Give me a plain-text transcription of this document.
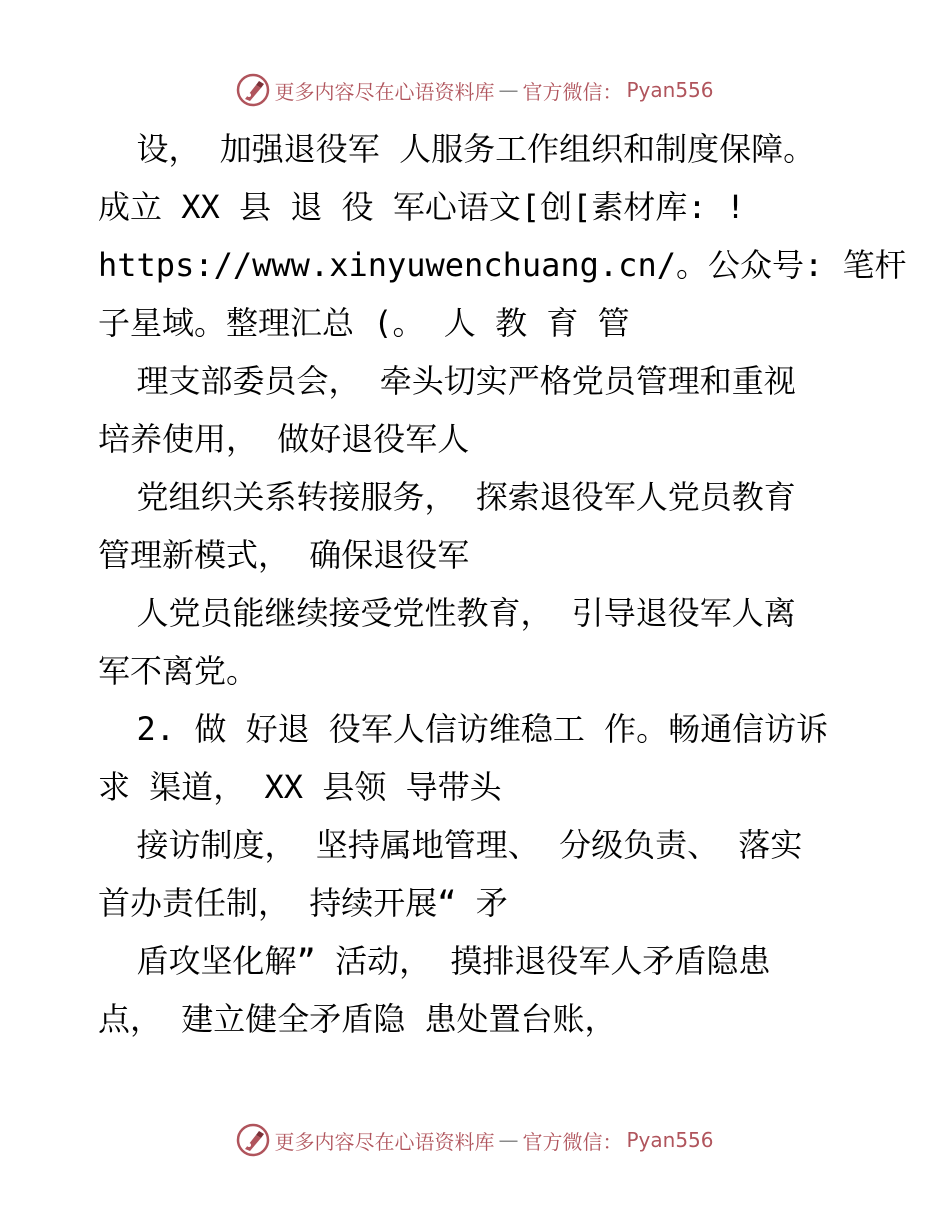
更多内容尽在心语资料库 — 官方微信： Pyan556
设， 加强退役军 人服务工作组织和制度保障。
成立 XX 县 退 役 军心语文[创[素材库: !
https://www.xinyuwenchuang.cn/。公众号: 笔杆
子星域。整理汇总 (。 人 教 育 管
理支部委员会， 牵头切实严格党员管理和重视
培养使用， 做好退役军人
党组织关系转接服务， 探索退役军人党员教育
管理新模式， 确保退役军
人党员能继续接受党性教育， 引导退役军人离
军不离党。
2. 做 好退 役军人信访维稳工 作。畅通信访诉
求 渠道， XX 县领 导带头
接访制度， 坚持属地管理、 分级负责、 落实
首办责任制， 持续开展“ 矛
盾攻坚化解” 活动， 摸排退役军人矛盾隐患
点， 建立健全矛盾隐 患处置台账，
更多内容尽在心语资料库 — 官方微信： Pyan556
